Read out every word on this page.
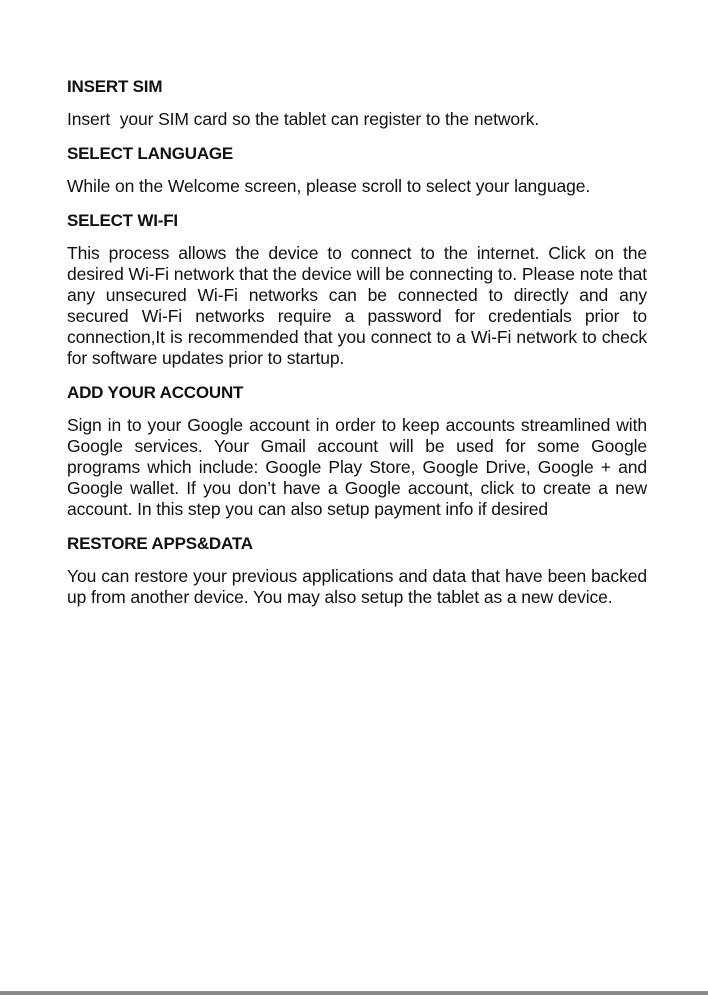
INSERT SIM
Insert  your SIM card so the tablet can register to the network.
SELECT LANGUAGE
While on the Welcome screen, please scroll to select your language.
SELECT WI-FI
This process allows the device to connect to the internet. Click on the desired Wi-Fi network that the device will be connecting to. Please note that any unsecured Wi-Fi networks can be connected to directly and any secured Wi-Fi networks require a password for credentials prior to connection,It is recommended that you connect to a Wi-Fi network to check for software updates prior to startup.
ADD YOUR ACCOUNT
Sign in to your Google account in order to keep accounts streamlined with Google services. Your Gmail account will be used for some Google programs which include: Google Play Store, Google Drive, Google + and Google wallet. If you don’t have a Google account, click to create a new account. In this step you can also setup payment info if desired
RESTORE APPS&DATA
You can restore your previous applications and data that have been backed up from another device. You may also setup the tablet as a new device.
